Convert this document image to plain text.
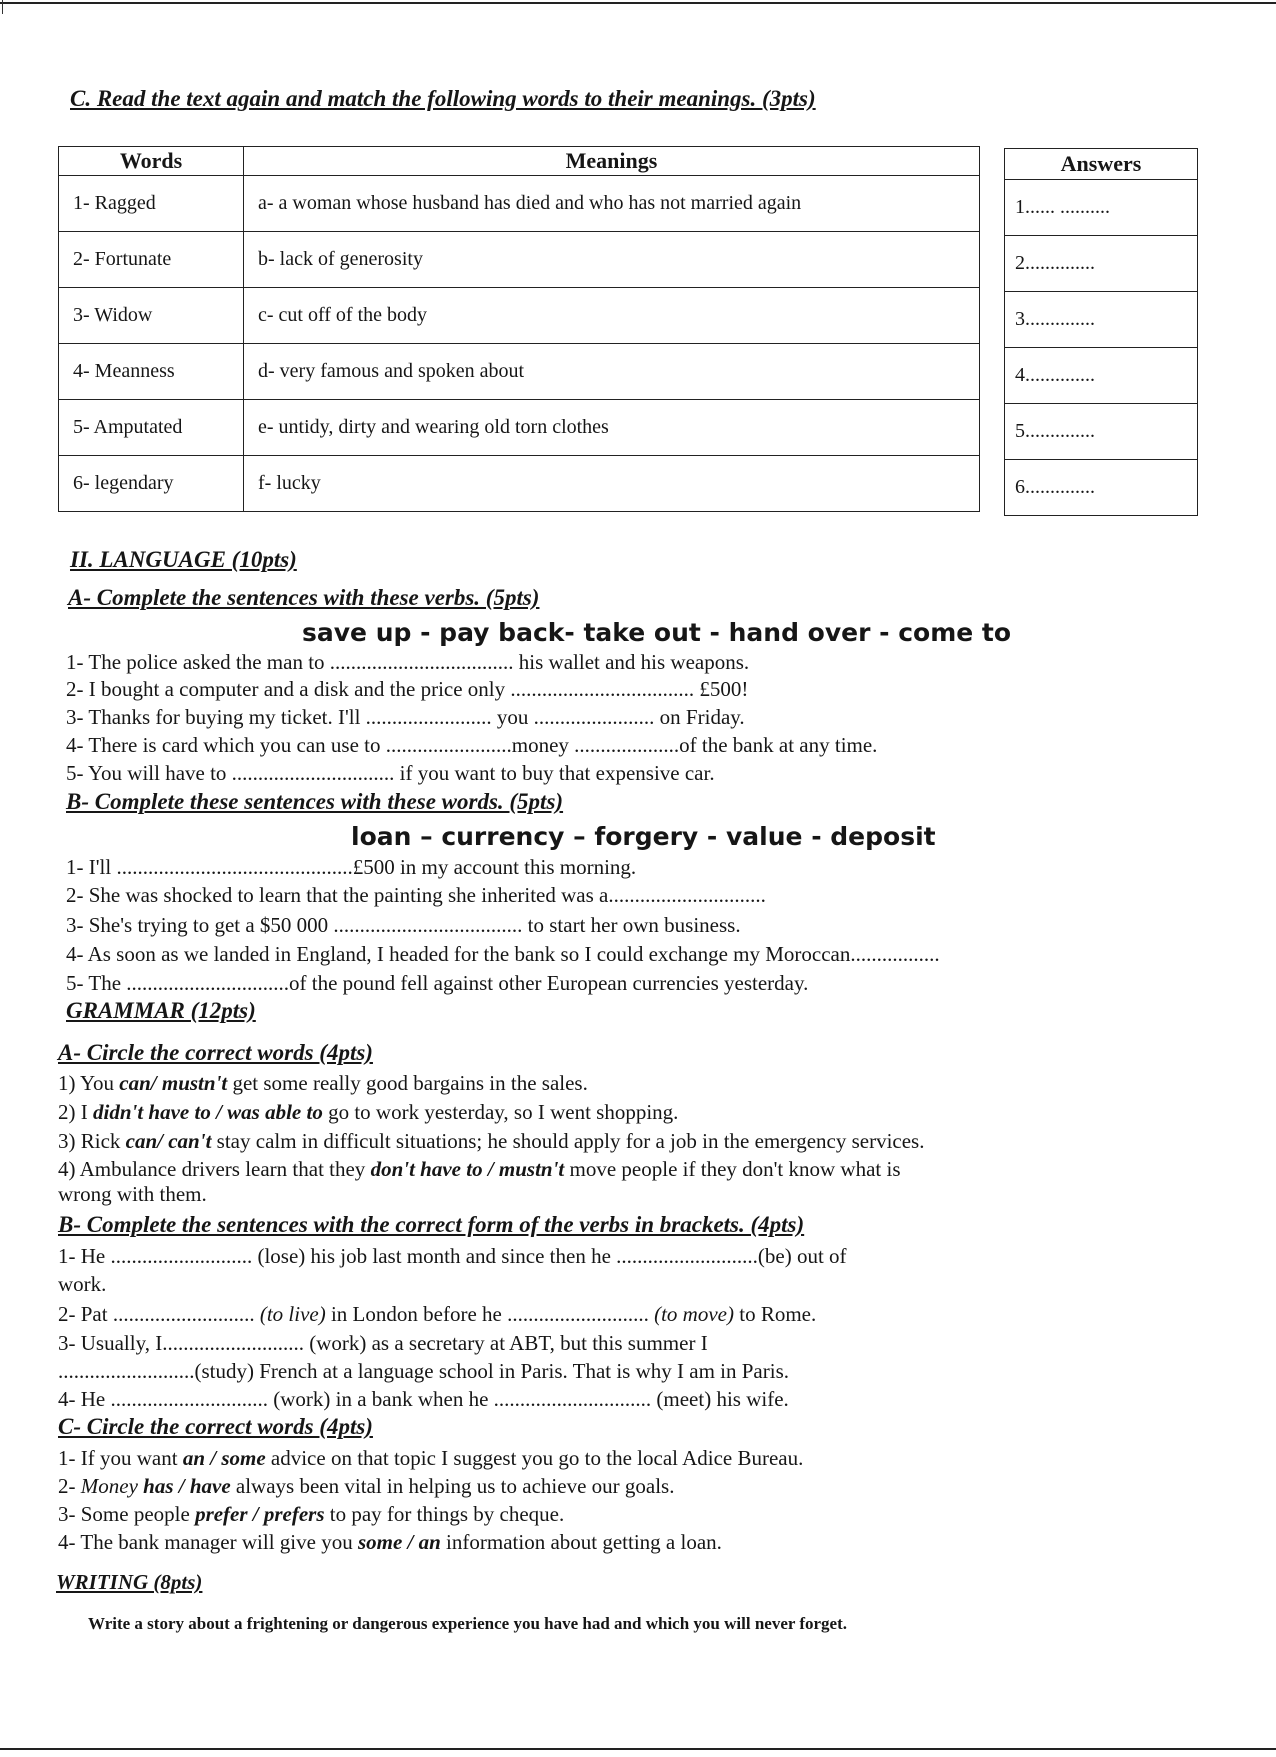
C. Read the text again and match the following words to their meanings. (3pts)
Words	Meanings
1- Ragged	a- a woman whose husband has died and who has not married again
2- Fortunate	b- lack of generosity
3- Widow	c- cut off of the body
4- Meanness	d- very famous and spoken about
5- Amputated	e- untidy, dirty and wearing old torn clothes
6- legendary	f- lucky
Answers
1...... ..........
2..............
3..............
4..............
5..............
6..............
II. LANGUAGE (10pts)
A- Complete the sentences with these verbs. (5pts)
save up - pay back- take out - hand over - come to
1- The police asked the man to ................................... his wallet and his weapons.
2- I bought a computer and a disk and the price only ................................... £500!
3- Thanks for buying my ticket. I'll ........................ you ....................... on Friday.
4- There is card which you can use to ........................money ....................of the bank at any time.
5- You will have to ............................... if you want to buy that expensive car.
B- Complete these sentences with these words. (5pts)
loan – currency – forgery - value - deposit
1- I'll .............................................£500 in my account this morning.
2- She was shocked to learn that the painting she inherited was a..............................
3- She's trying to get a $50 000 .................................... to start her own business.
4- As soon as we landed in England, I headed for the bank so I could exchange my Moroccan.................
5- The ...............................of the pound fell against other European currencies yesterday.
GRAMMAR (12pts)
A- Circle the correct words (4pts)
1) You can/ mustn't get some really good bargains in the sales.
2) I didn't have to / was able to go to work yesterday, so I went shopping.
3) Rick can/ can't stay calm in difficult situations; he should apply for a job in the emergency services.
4) Ambulance drivers learn that they don't have to / mustn't move people if they don't know what is
wrong with them.
B- Complete the sentences with the correct form of the verbs in brackets. (4pts)
1- He ........................... (lose) his job last month and since then he ...........................(be) out of
work.
2- Pat ........................... (to live) in London before he ........................... (to move) to Rome.
3- Usually, I........................... (work) as a secretary at ABT, but this summer I
..........................(study) French at a language school in Paris. That is why I am in Paris.
4- He .............................. (work) in a bank when he .............................. (meet) his wife.
C- Circle the correct words (4pts)
1- If you want an / some advice on that topic I suggest you go to the local Adice Bureau.
2- Money has / have always been vital in helping us to achieve our goals.
3- Some people prefer / prefers to pay for things by cheque.
4- The bank manager will give you some / an information about getting a loan.
WRITING (8pts)
Write a story about a frightening or dangerous experience you have had and which you will never forget.
